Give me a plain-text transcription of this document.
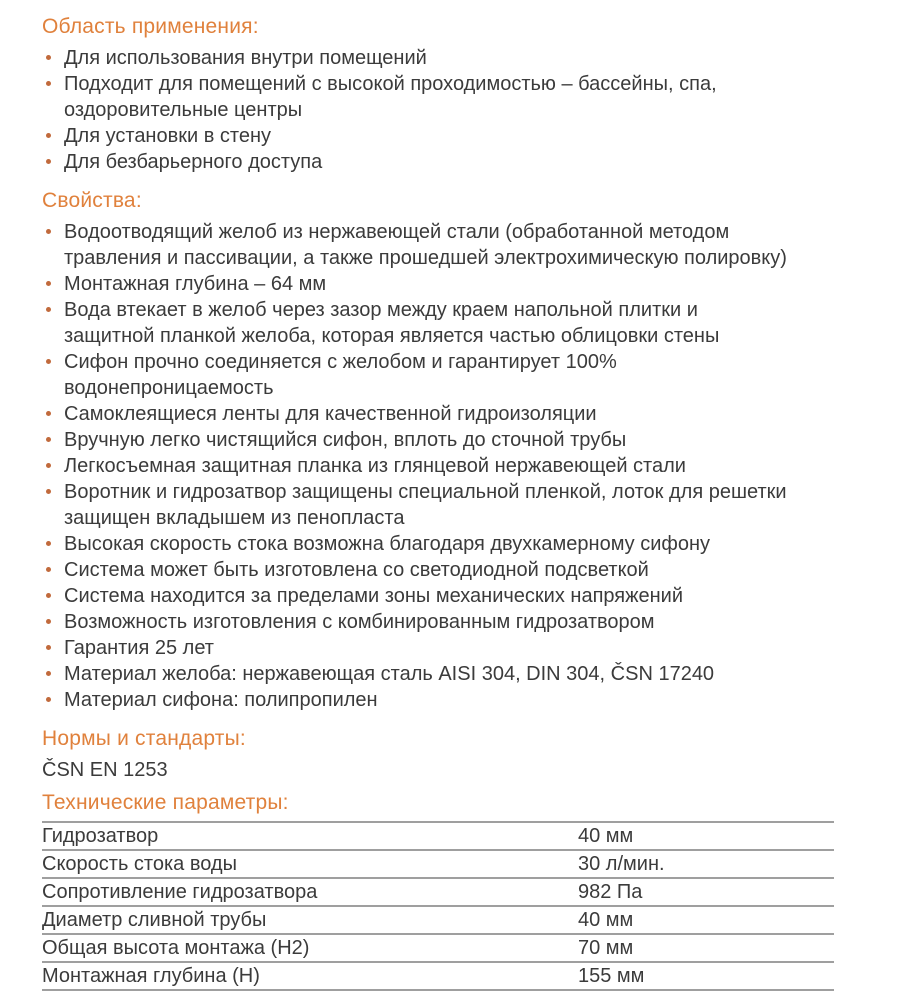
Область применения:
Для использования внутри помещений
Подходит для помещений с высокой проходимостью – бассейны, спа, оздоровительные центры
Для установки в стену
Для безбарьерного доступа
Свойства:
Водоотводящий желоб из нержавеющей стали (обработанной методом травления и пассивации, а также прошедшей электрохимическую полировку)
Монтажная глубина – 64 мм
Вода втекает в желоб через зазор между краем напольной плитки и защитной планкой желоба, которая является частью облицовки стены
Сифон прочно соединяется с желобом и гарантирует 100% водонепроницаемость
Самоклеящиеся ленты для качественной гидроизоляции
Вручную легко чистящийся сифон, вплоть до сточной трубы
Легкосъемная защитная планка из глянцевой нержавеющей стали
Воротник и гидрозатвор защищены специальной пленкой, лоток для решетки защищен вкладышем из пенопласта
Высокая скорость стока возможна благодаря двухкамерному сифону
Система может быть изготовлена со светодиодной подсветкой
Система находится за пределами зоны механических напряжений
Возможность изготовления с комбинированным гидрозатвором
Гарантия 25 лет
Материал желоба: нержавеющая сталь AISI 304, DIN 304, ČSN 17240
Материал сифона: полипропилен
Нормы и стандарты:

ČSN EN 1253

Технические параметры:
Гидрозатвор	40 мм
Скорость стока воды	30 л/мин.
Сопротивление гидрозатвора	982 Па
Диаметр сливной трубы	40 мм
Общая высота монтажа (H2)	70 мм
Монтажная глубина (H)	155 мм
